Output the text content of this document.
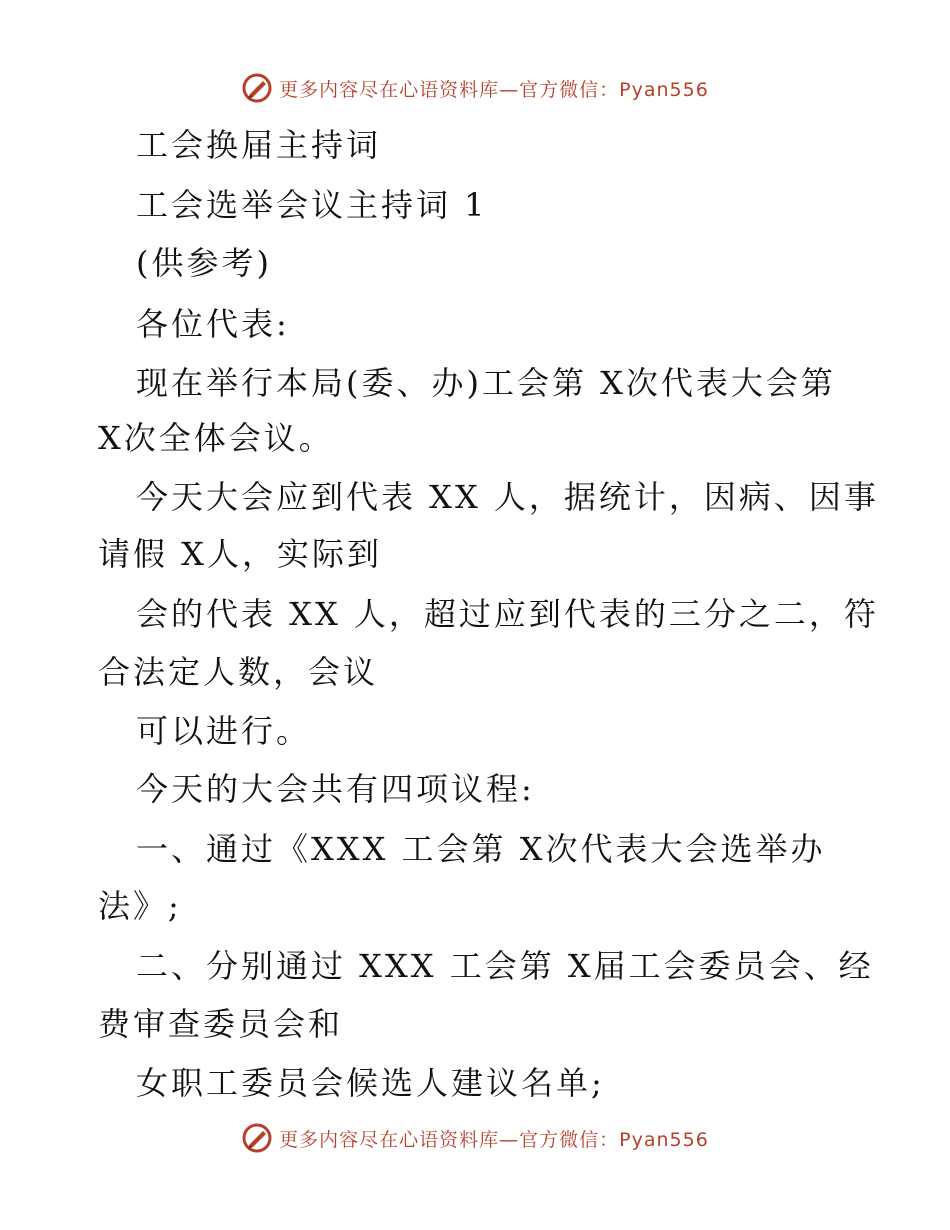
更多内容尽在心语资料库—官方微信：Pyan556
工会换届主持词
工会选举会议主持词 1
(供参考)
各位代表:
现在举行本局(委、办)工会第 X次代表大会第
X次全体会议。
今天大会应到代表 XX 人，据统计，因病、因事
请假 X人，实际到
会的代表 XX 人，超过应到代表的三分之二，符
合法定人数，会议
可以进行。
今天的大会共有四项议程:
一、通过《XXX 工会第 X次代表大会选举办
法》;
二、分别通过 XXX 工会第 X届工会委员会、经
费审查委员会和
女职工委员会候选人建议名单;
更多内容尽在心语资料库—官方微信：Pyan556
